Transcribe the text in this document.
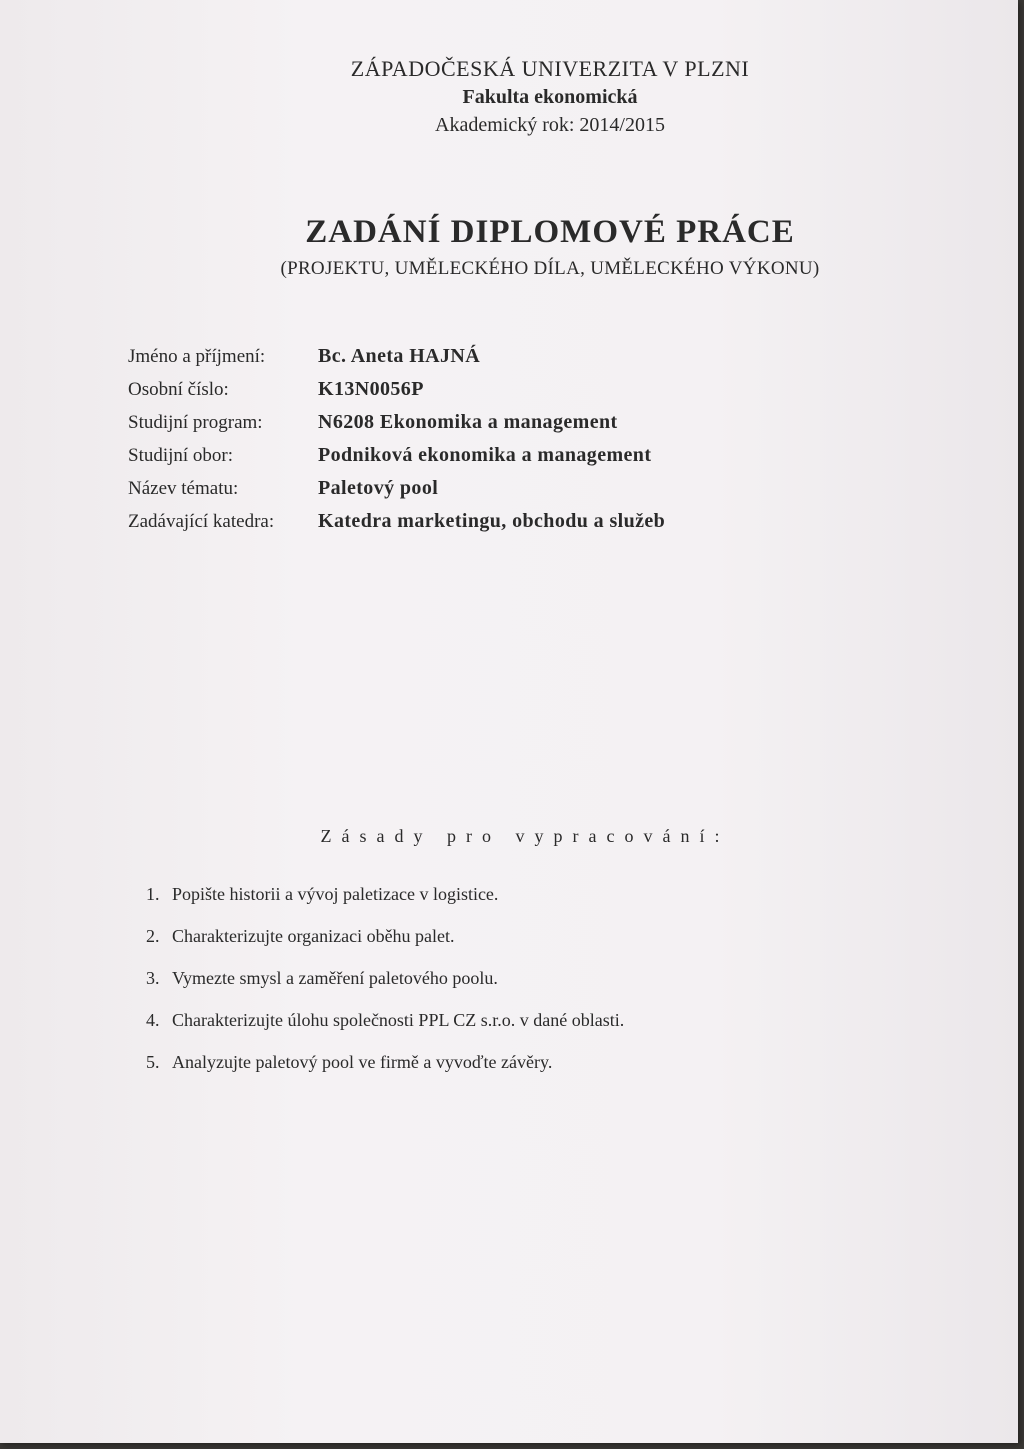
ZÁPADOČESKÁ UNIVERZITA V PLZNI
Fakulta ekonomická
Akademický rok: 2014/2015
ZADÁNÍ DIPLOMOVÉ PRÁCE
(PROJEKTU, UMĚLECKÉHO DÍLA, UMĚLECKÉHO VÝKONU)
Jméno a příjmení:	Bc. Aneta HAJNÁ
Osobní číslo:	K13N0056P
Studijní program:	N6208 Ekonomika a management
Studijní obor:	Podniková ekonomika a management
Název tématu:	Paletový pool
Zadávající katedra:	Katedra marketingu, obchodu a služeb
Zásady pro vypracování:
1. Popište historii a vývoj paletizace v logistice.
2. Charakterizujte organizaci oběhu palet.
3. Vymezte smysl a zaměření paletového poolu.
4. Charakterizujte úlohu společnosti PPL CZ s.r.o. v dané oblasti.
5. Analyzujte paletový pool ve firmě a vyvoďte závěry.
